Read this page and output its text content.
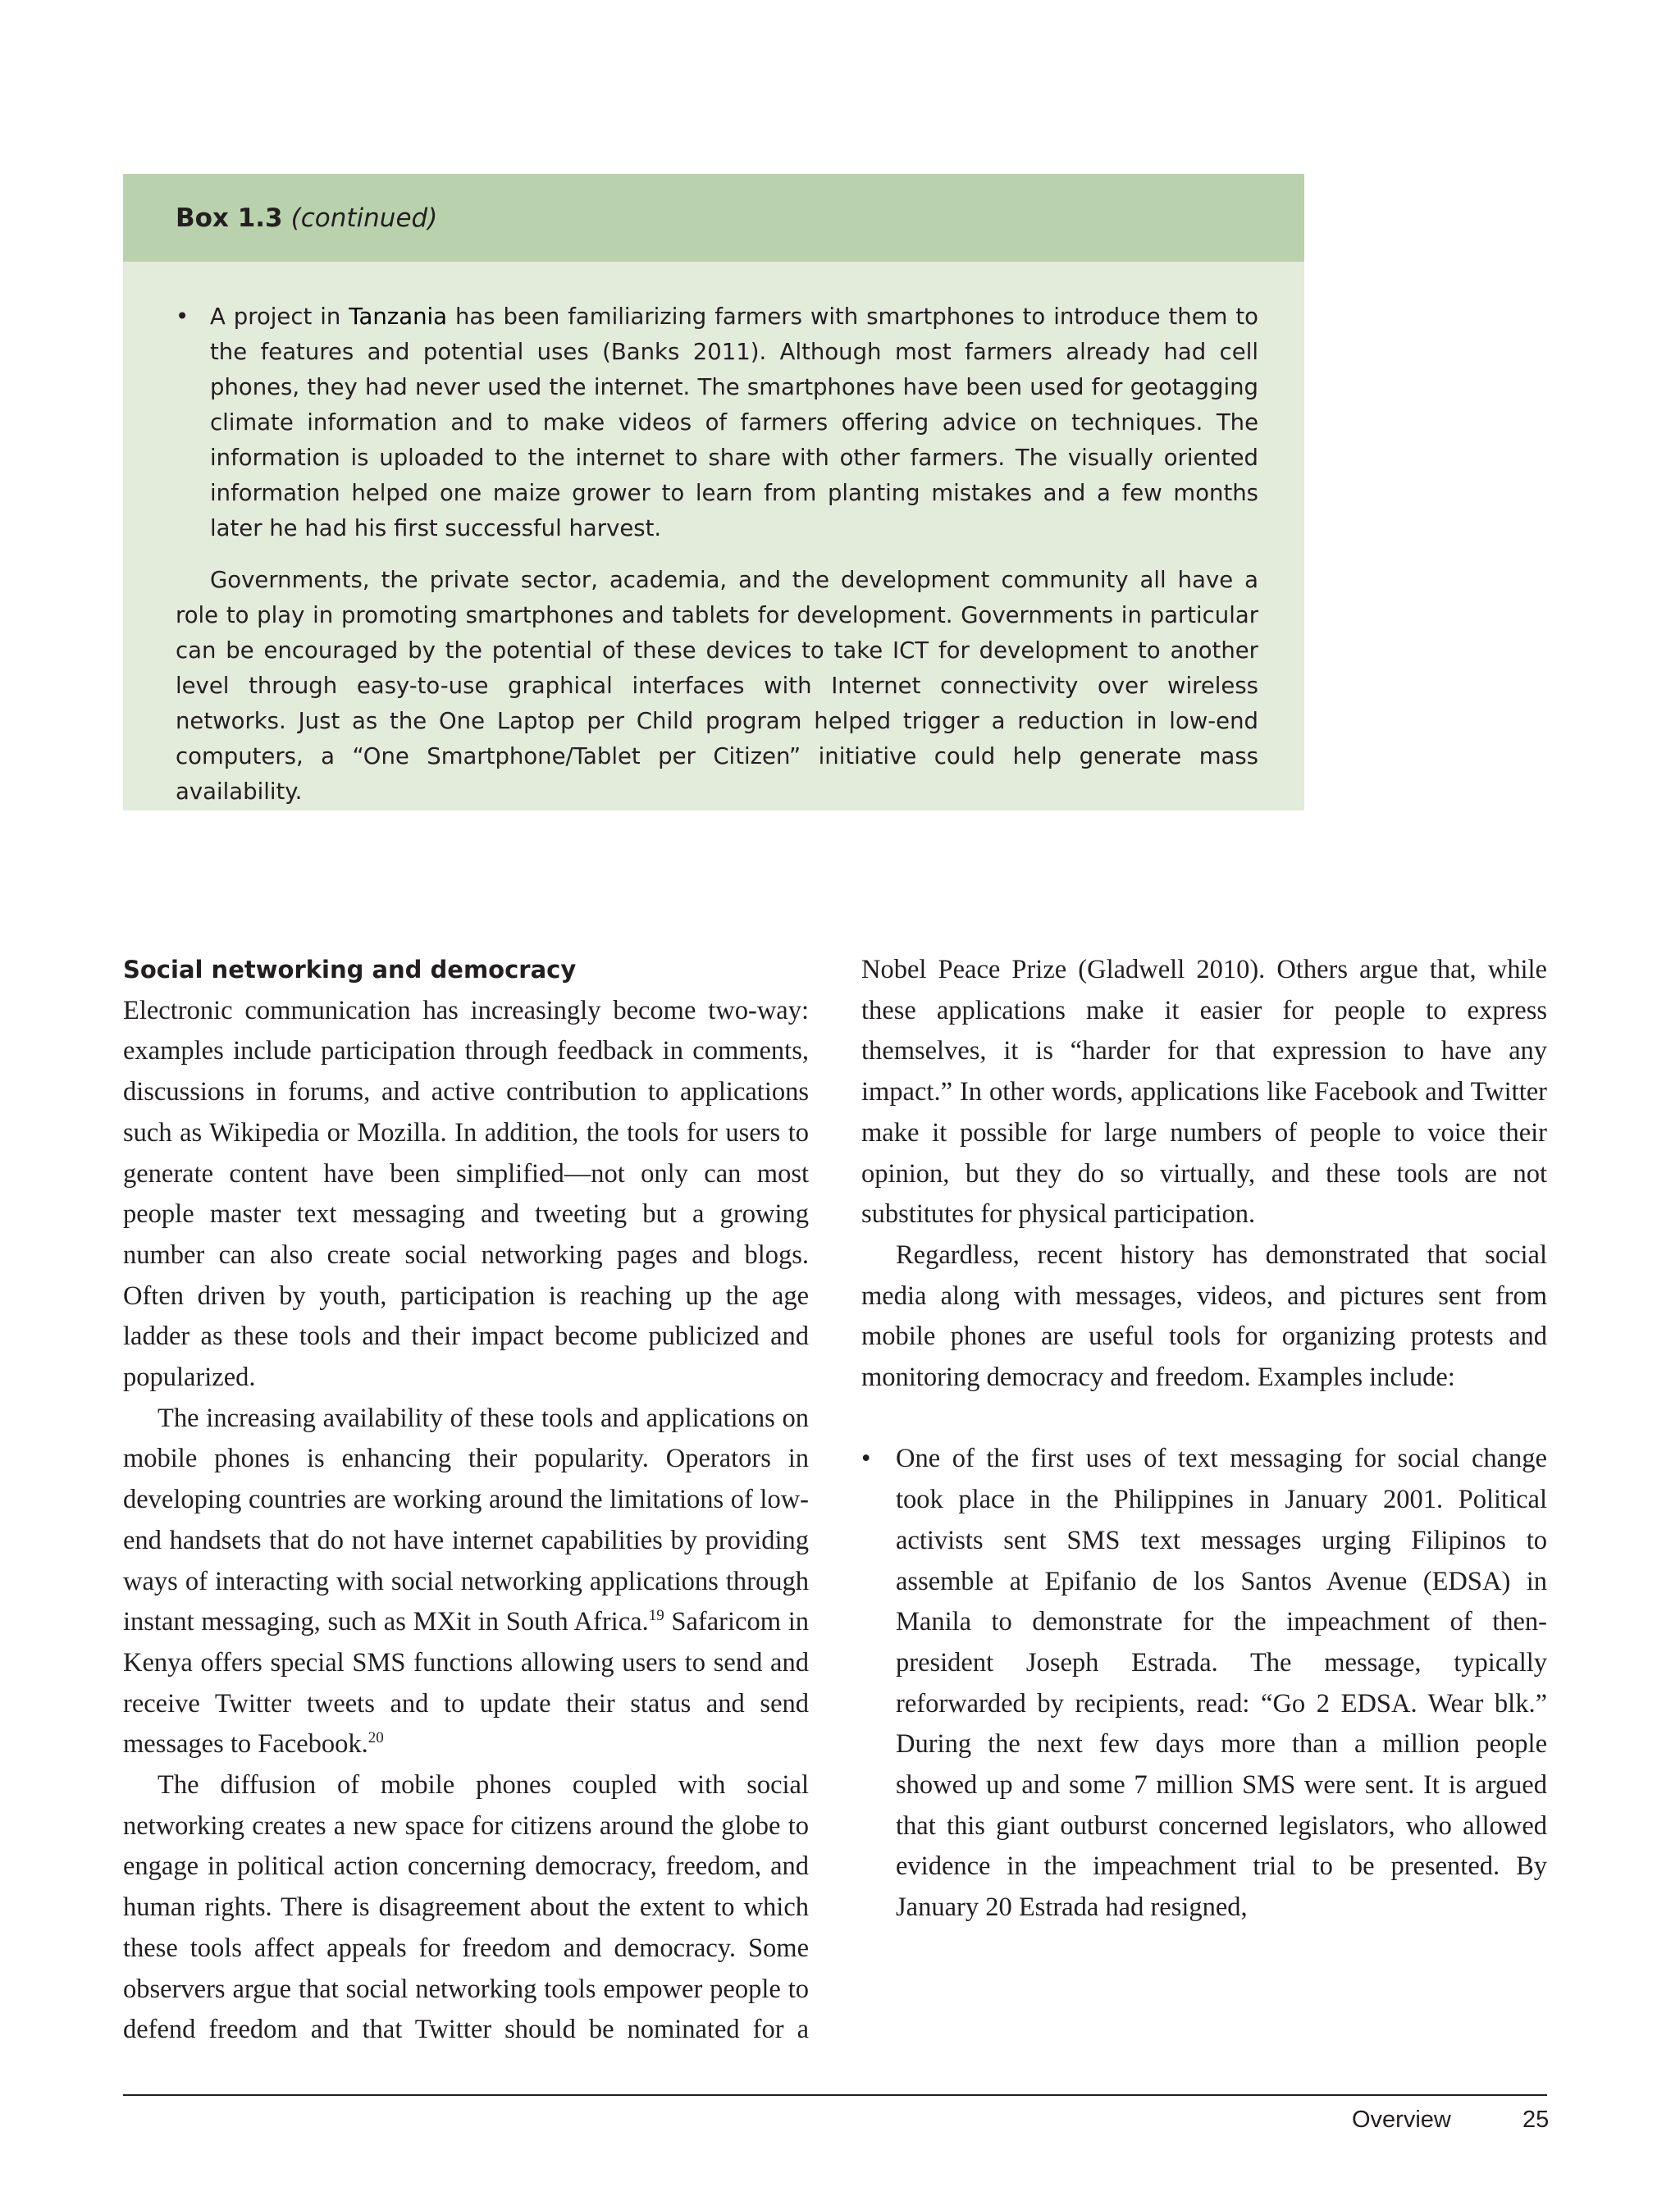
Box 1.3 (continued)
• A project in Tanzania has been familiarizing farmers with smartphones to introduce them to the features and potential uses (Banks 2011). Although most farmers already had cell phones, they had never used the internet. The smartphones have been used for geotagging climate information and to make videos of farmers offering advice on techniques. The information is uploaded to the internet to share with other farmers. The visually oriented information helped one maize grower to learn from planting mistakes and a few months later he had his first successful harvest.

Governments, the private sector, academia, and the development community all have a role to play in promoting smartphones and tablets for development. Governments in particular can be encouraged by the potential of these devices to take ICT for development to another level through easy-to-use graphical interfaces with Internet connectivity over wireless networks. Just as the One Laptop per Child program helped trigger a reduction in low-end computers, a “One Smartphone/Tablet per Citizen” initiative could help generate mass availability.

Social networking and democracy

Electronic communication has increasingly become two-way: examples include participation through feedback in comments, discussions in forums, and active contribution to applications such as Wikipedia or Mozilla. In addition, the tools for users to generate content have been simplified—not only can most people master text messaging and tweeting but a growing number can also create social networking pages and blogs. Often driven by youth, participation is reaching up the age ladder as these tools and their impact become publicized and popularized.

The increasing availability of these tools and applications on mobile phones is enhancing their popularity. Operators in developing countries are working around the limitations of low-end handsets that do not have internet capabilities by providing ways of interacting with social networking applications through instant messaging, such as MXit in South Africa.$^{19}$ Safaricom in Kenya offers special SMS functions allowing users to send and receive Twitter tweets and to update their status and send messages to Facebook.$^{20}$

The diffusion of mobile phones coupled with social networking creates a new space for citizens around the globe to engage in political action concerning democracy, freedom, and human rights. There is disagreement about the extent to which these tools affect appeals for freedom and democracy. Some observers argue that social networking tools empower people to defend freedom and that Twitter should be nominated for a

Nobel Peace Prize (Gladwell 2010). Others argue that, while these applications make it easier for people to express themselves, it is “harder for that expression to have any impact.” In other words, applications like Facebook and Twitter make it possible for large numbers of people to voice their opinion, but they do so virtually, and these tools are not substitutes for physical participation.

Regardless, recent history has demonstrated that social media along with messages, videos, and pictures sent from mobile phones are useful tools for organizing protests and monitoring democracy and freedom. Examples include:

• One of the first uses of text messaging for social change took place in the Philippines in January 2001. Political activists sent SMS text messages urging Filipinos to assemble at Epifanio de los Santos Avenue (EDSA) in Manila to demonstrate for the impeachment of then-president Joseph Estrada. The message, typically reforwarded by recipients, read: “Go 2 EDSA. Wear blk.” During the next few days more than a million people showed up and some 7 million SMS were sent. It is argued that this giant outburst concerned legislators, who allowed evidence in the impeachment trial to be presented. By January 20 Estrada had resigned,
Overview	25
